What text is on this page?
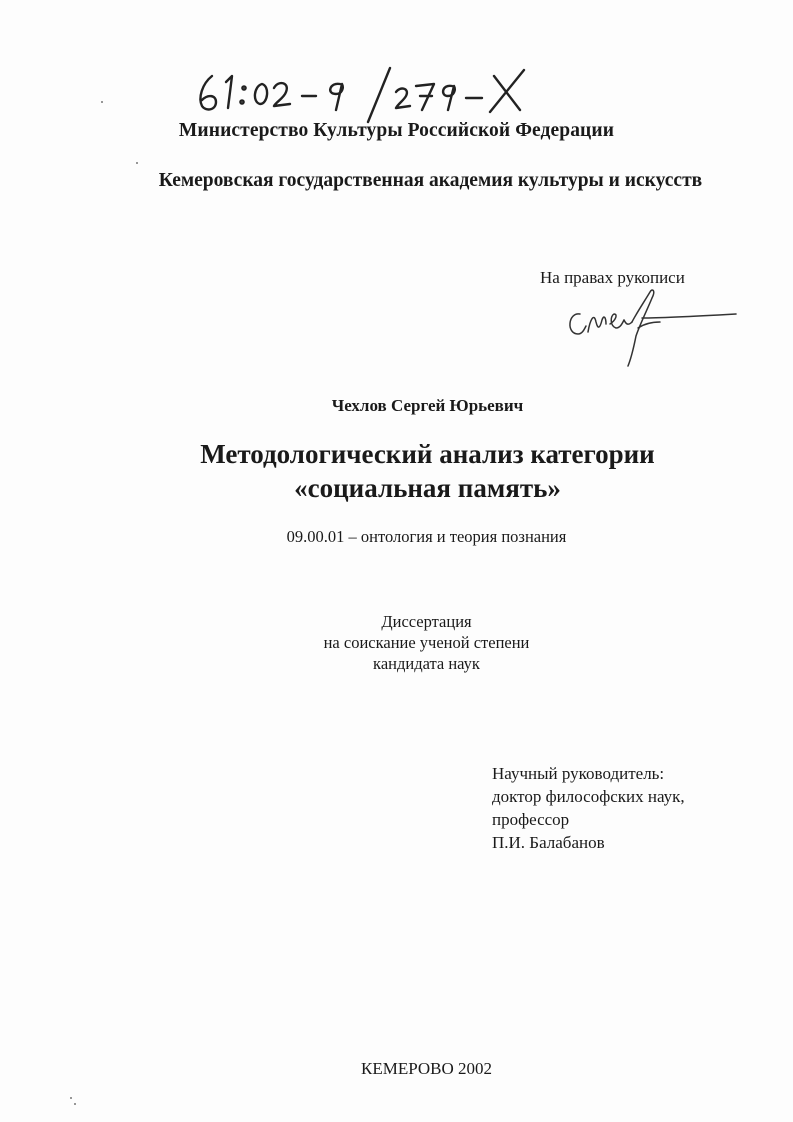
Министерство Культуры Российской Федерации

Кемеровская государственная академия культуры и искусств

На правах рукописи

Чехлов Сергей Юрьевич

Методологический анализ категории
«социальная память»

09.00.01 – онтология и теория познания

Диссертация
на соискание ученой степени
кандидата наук
Научный руководитель:
доктор философских наук,
профессор
П.И. Балабанов

КЕМЕРОВО 2002
